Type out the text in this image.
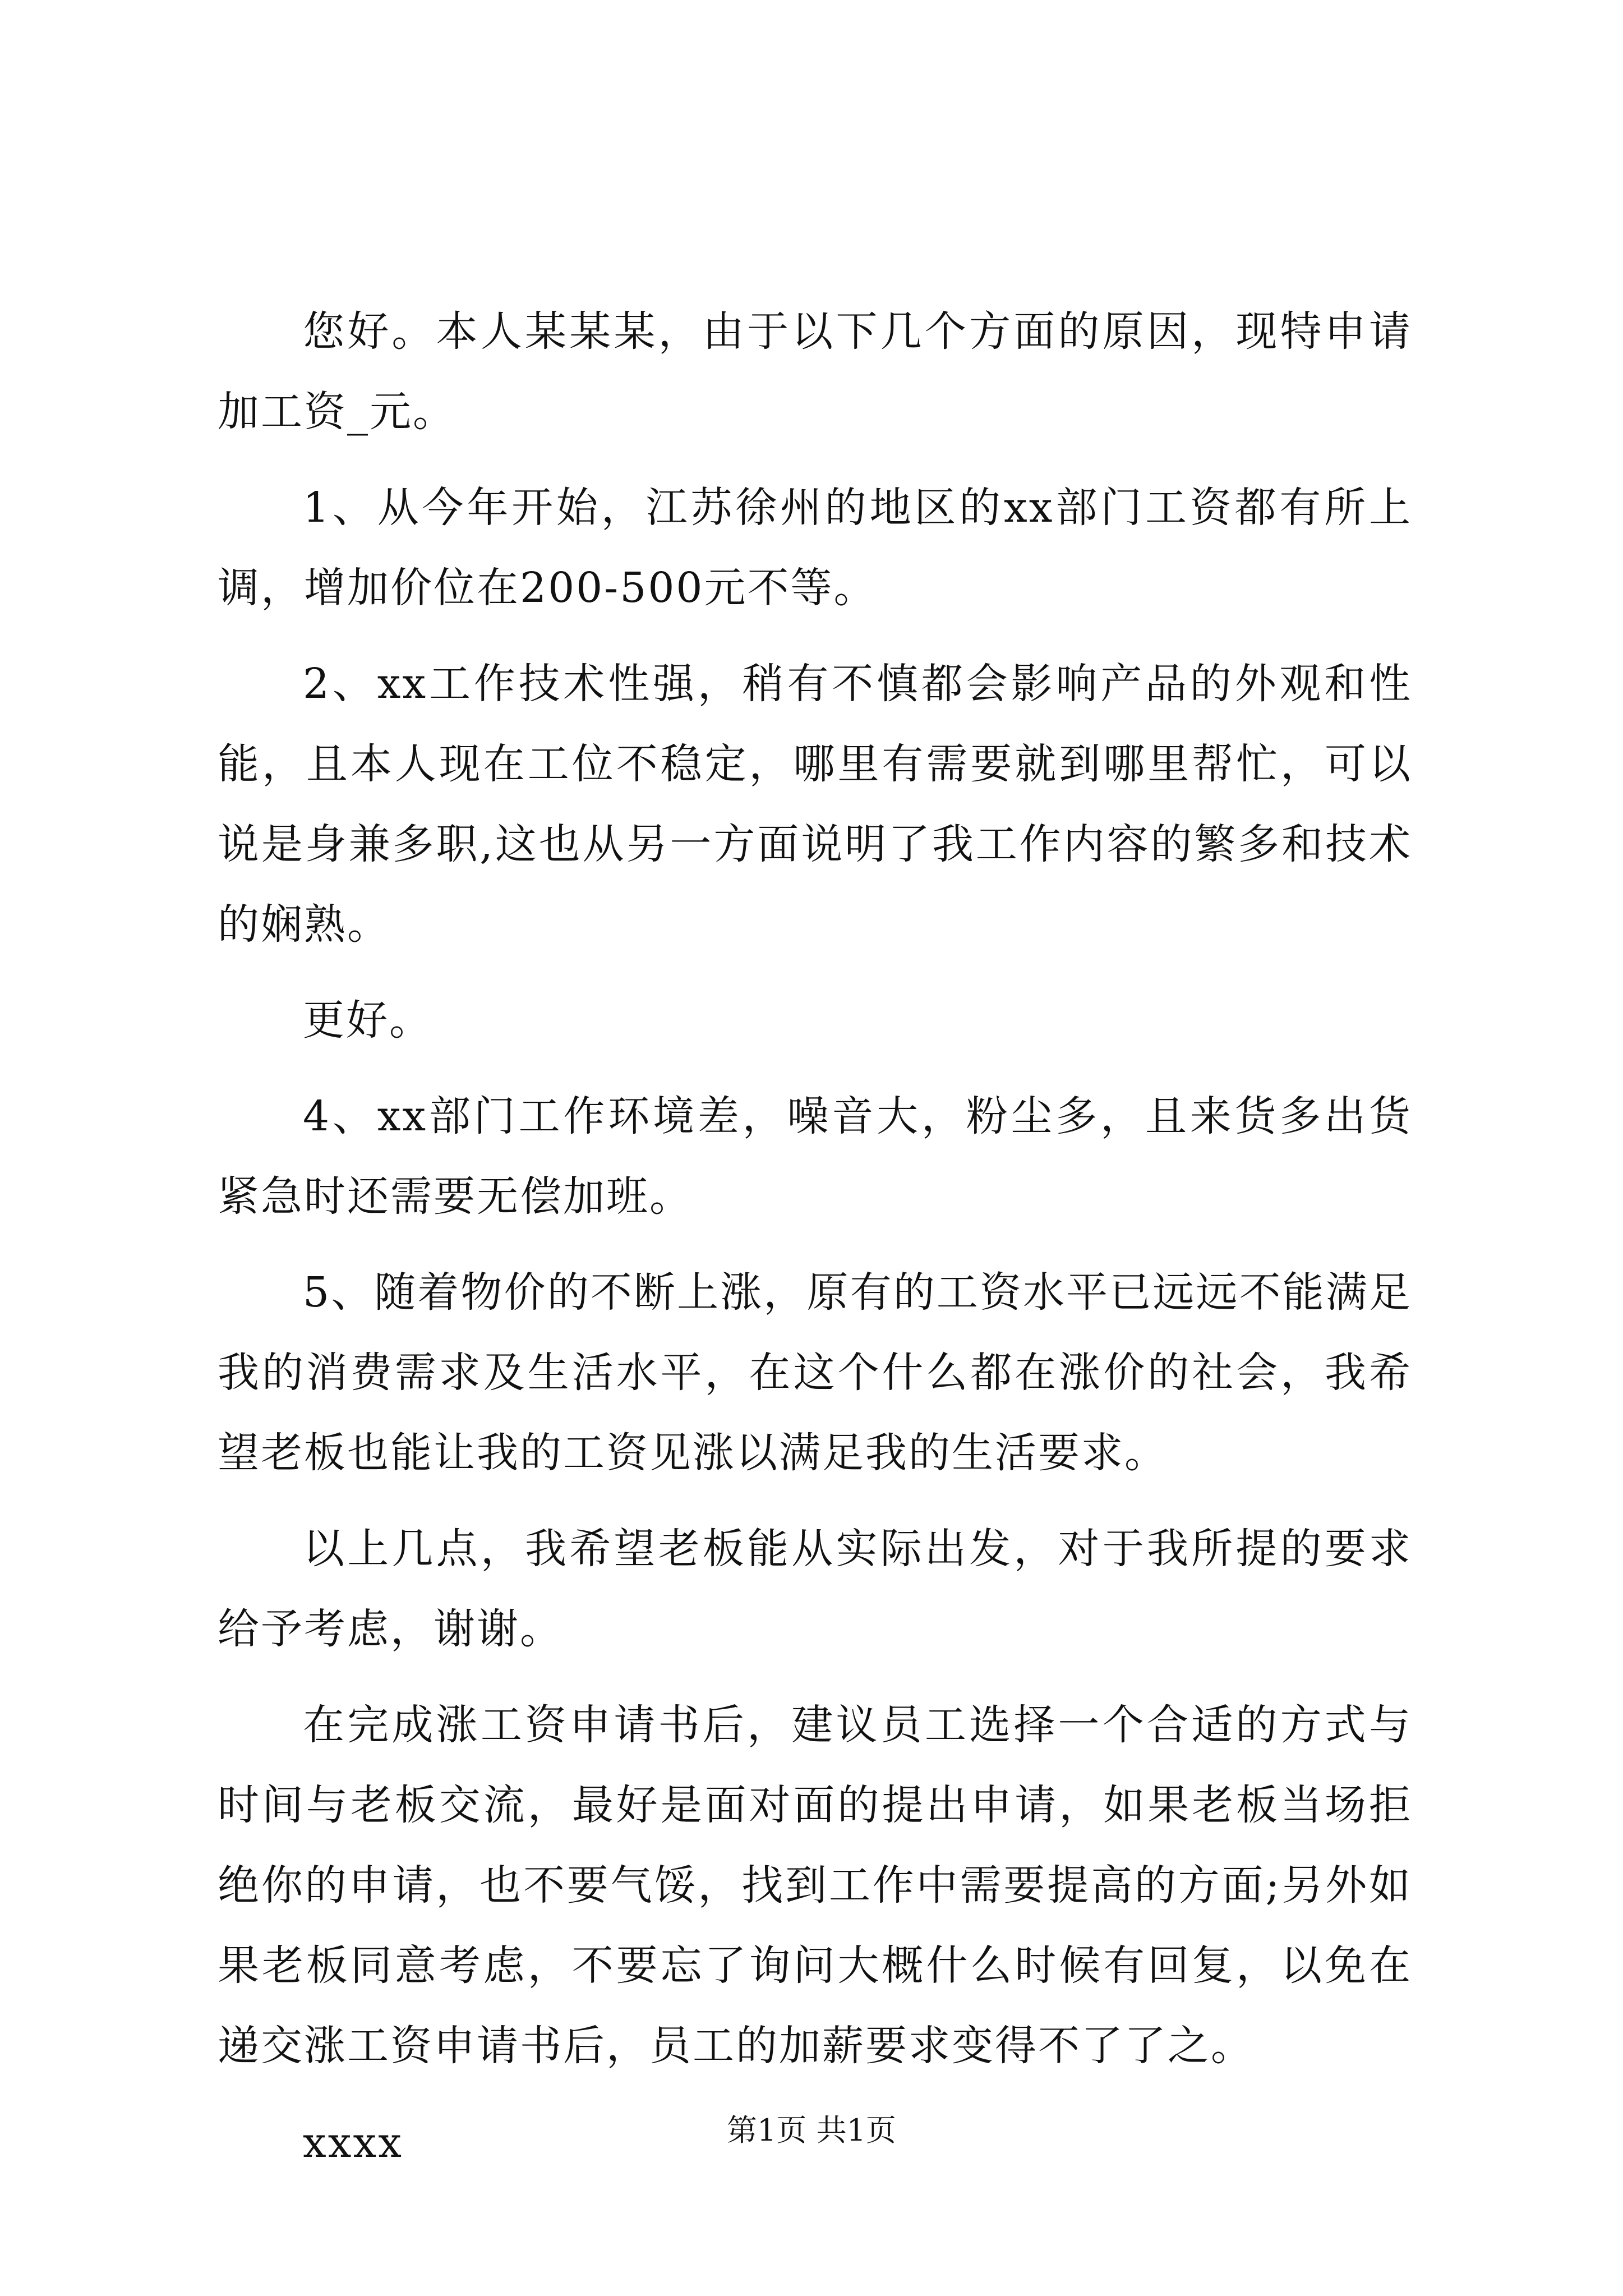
您好。本人某某某，由于以下几个方面的原因，现特申请加工资_元。

1、从今年开始，江苏徐州的地区的xx部门工资都有所上调，增加价位在200-500元不等。

2、xx工作技术性强，稍有不慎都会影响产品的外观和性能，且本人现在工位不稳定，哪里有需要就到哪里帮忙，可以说是身兼多职,这也从另一方面说明了我工作内容的繁多和技术的娴熟。

更好。

4、xx部门工作环境差，噪音大，粉尘多，且来货多出货紧急时还需要无偿加班。

5、随着物价的不断上涨，原有的工资水平已远远不能满足我的消费需求及生活水平，在这个什么都在涨价的社会，我希望老板也能让我的工资见涨以满足我的生活要求。

以上几点，我希望老板能从实际出发，对于我所提的要求给予考虑，谢谢。

在完成涨工资申请书后，建议员工选择一个合适的方式与时间与老板交流，最好是面对面的提出申请，如果老板当场拒绝你的申请，也不要气馁，找到工作中需要提高的方面;另外如果老板同意考虑，不要忘了询问大概什么时候有回复，以免在递交涨工资申请书后，员工的加薪要求变得不了了之。

xxxx	第1页 共1页
